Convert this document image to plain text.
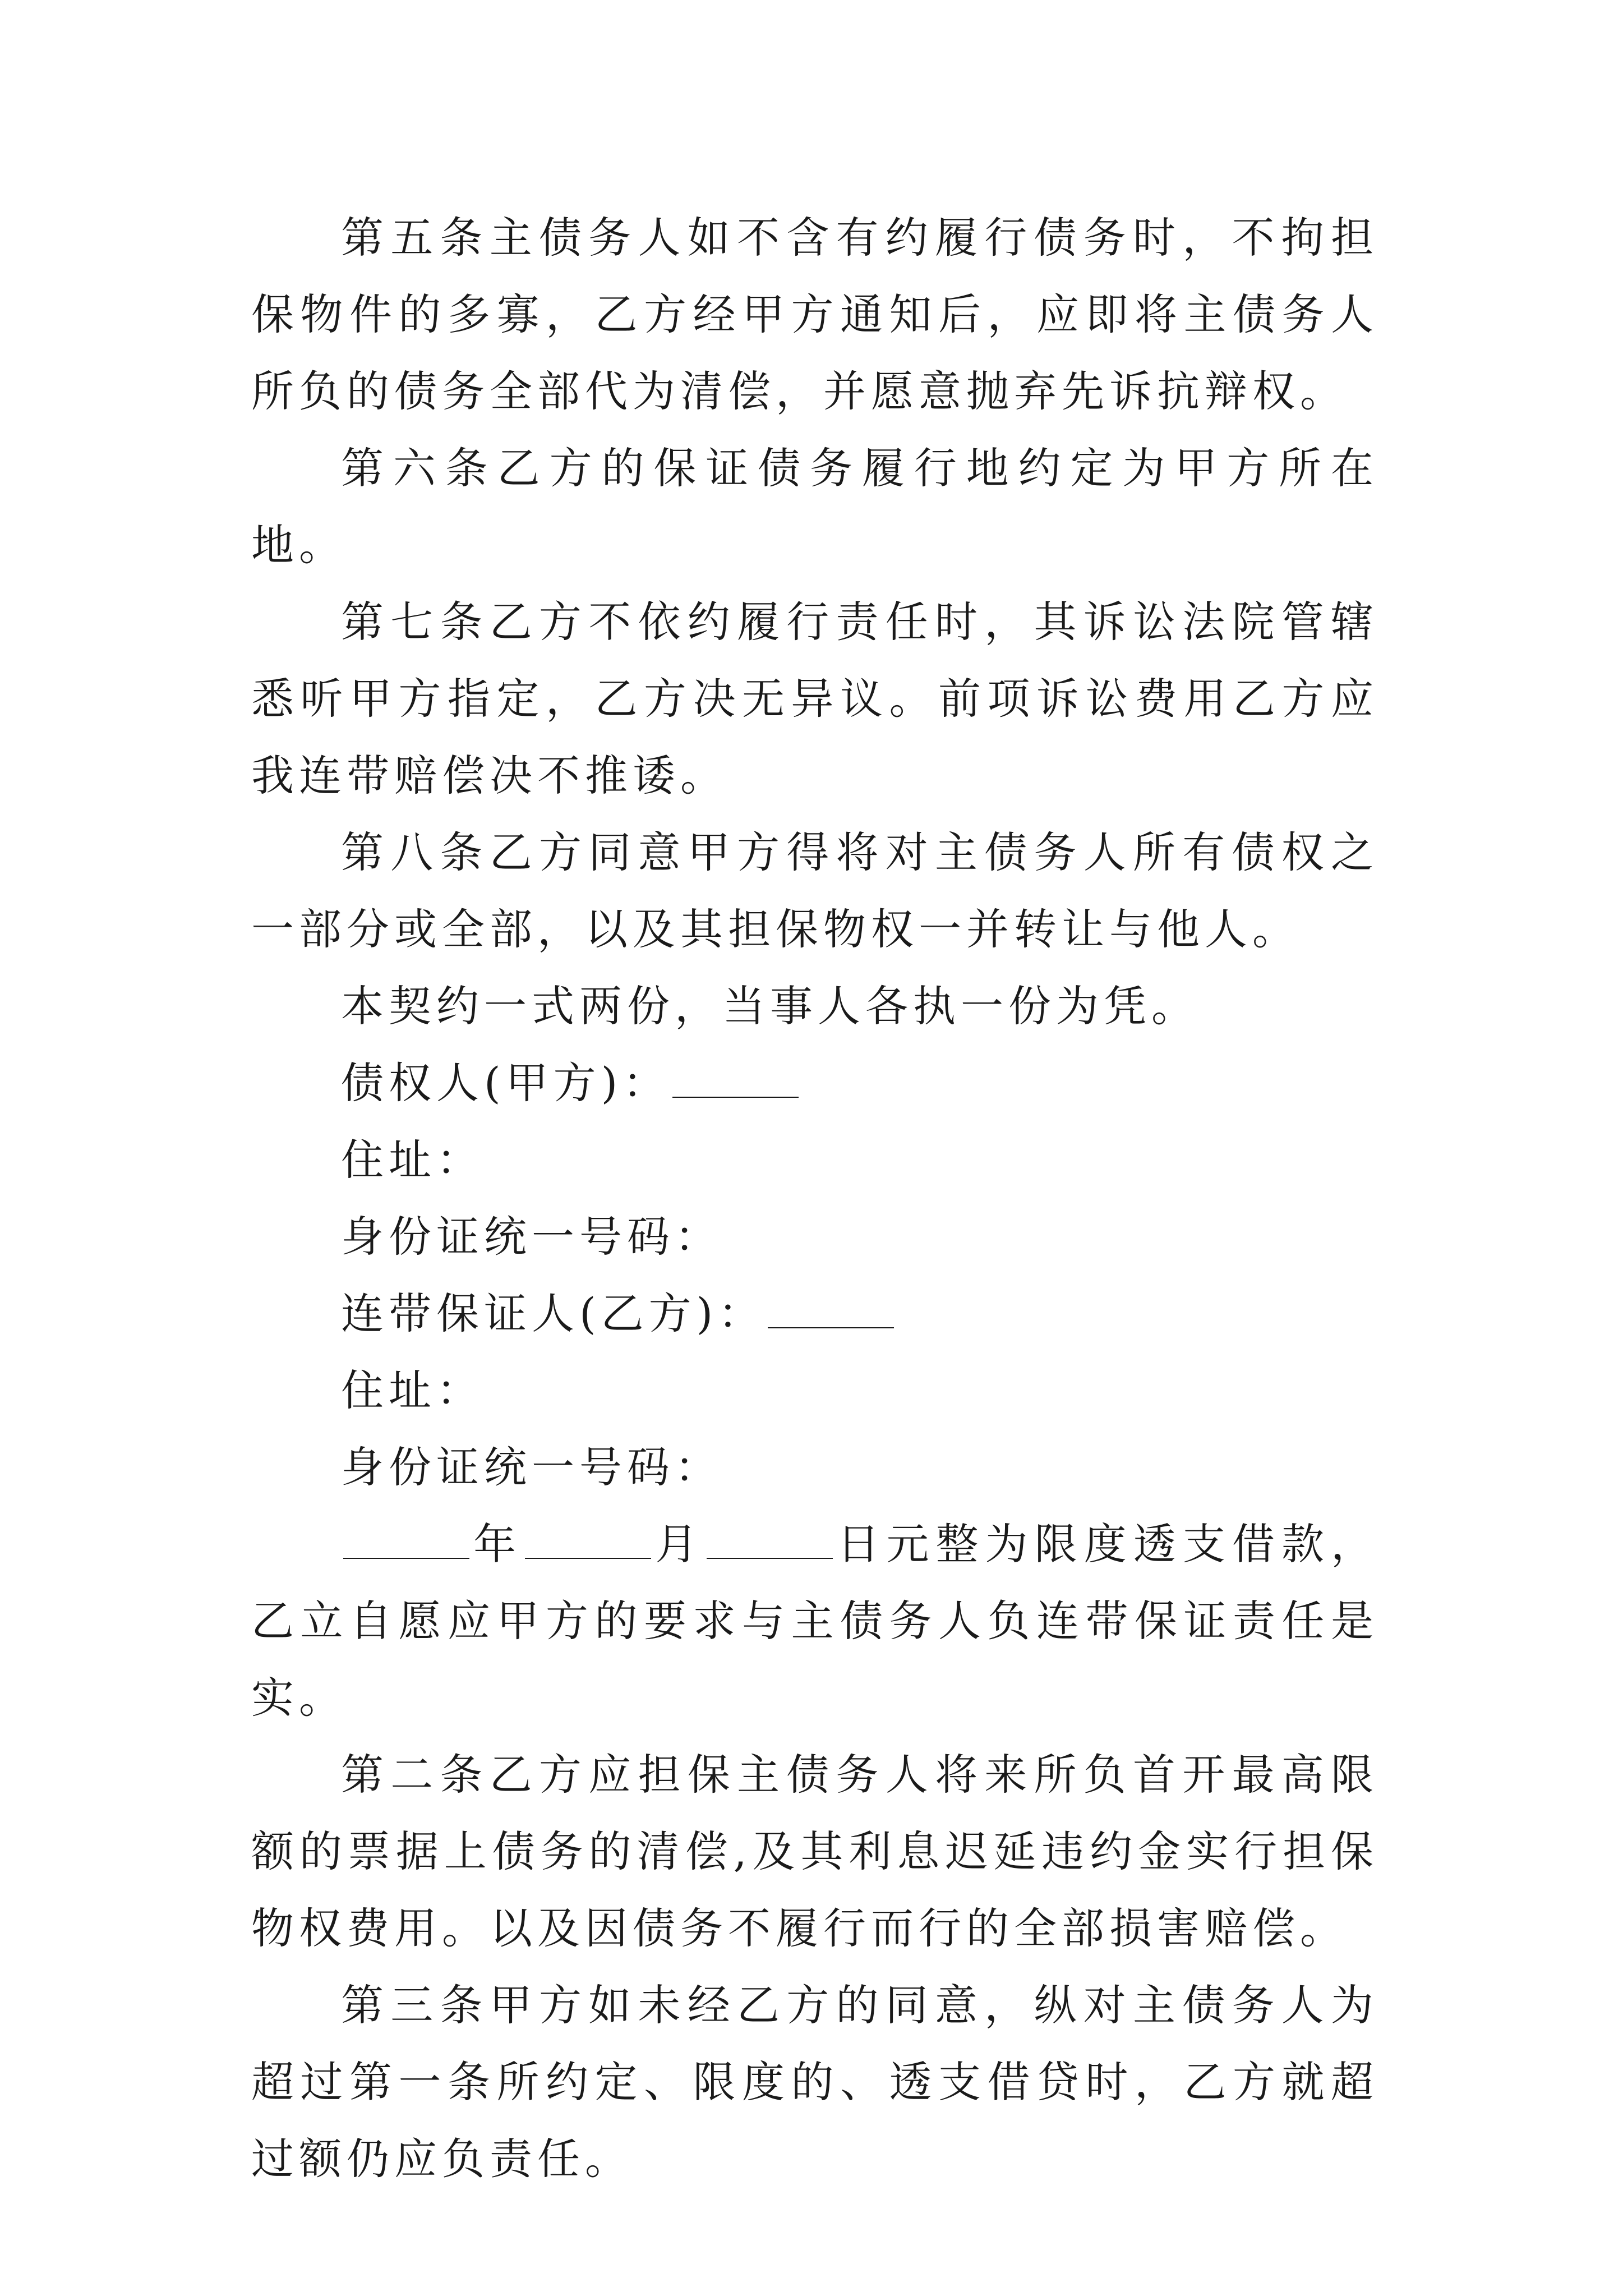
第五条主债务人如不含有约履行债务时，不拘担保物件的多寡，乙方经甲方通知后，应即将主债务人所负的债务全部代为清偿，并愿意抛弃先诉抗辩权。

第六条乙方的保证债务履行地约定为甲方所在地。

第七条乙方不依约履行责任时，其诉讼法院管辖悉听甲方指定，乙方决无异议。前项诉讼费用乙方应我连带赔偿决不推诿。

第八条乙方同意甲方得将对主债务人所有债权之一部分或全部，以及其担保物权一并转让与他人。

本契约一式两份，当事人各执一份为凭。

债权人(甲方)：

住址：

身份证统一号码：

连带保证人(乙方)：

住址：

身份证统一号码：

年	月	日元整为限度透支借款，乙立自愿应甲方的要求与主债务人负连带保证责任是实。

第二条乙方应担保主债务人将来所负首开最高限额的票据上债务的清偿,及其利息迟延违约金实行担保物权费用。以及因债务不履行而行的全部损害赔偿。

第三条甲方如未经乙方的同意，纵对主债务人为超过第一条所约定、限度的、透支借贷时，乙方就超过额仍应负责任。
